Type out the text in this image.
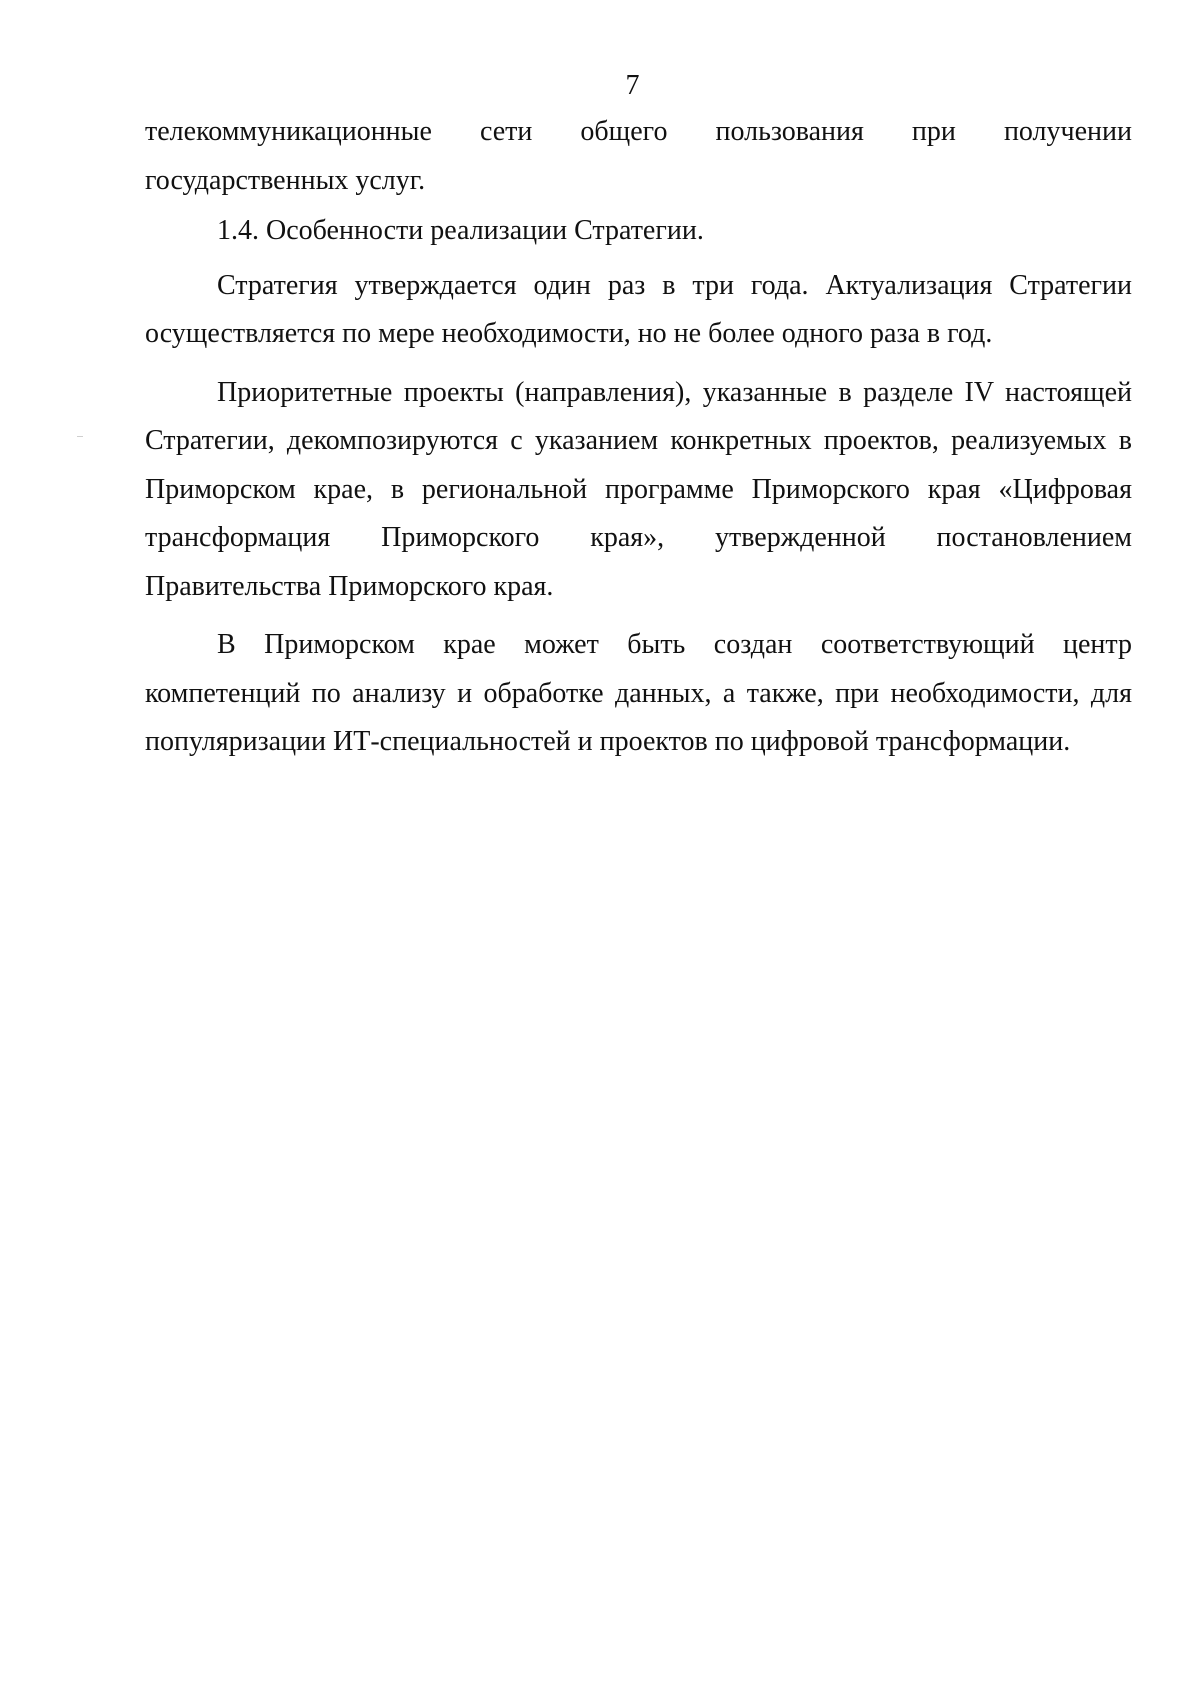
7

телекоммуникационные сети общего пользования при получении государственных услуг.

1.4. Особенности реализации Стратегии.

Стратегия утверждается один раз в три года. Актуализация Стратегии осуществляется по мере необходимости, но не более одного раза в год.

Приоритетные проекты (направления), указанные в разделе IV настоящей Стратегии, декомпозируются с указанием конкретных проектов, реализуемых в Приморском крае, в региональной программе Приморского края «Цифровая трансформация Приморского края», утвержденной постановлением Правительства Приморского края.

В Приморском крае может быть создан соответствующий центр компетенций по анализу и обработке данных, а также, при необходимости, для популяризации ИТ-специальностей и проектов по цифровой трансформации.
